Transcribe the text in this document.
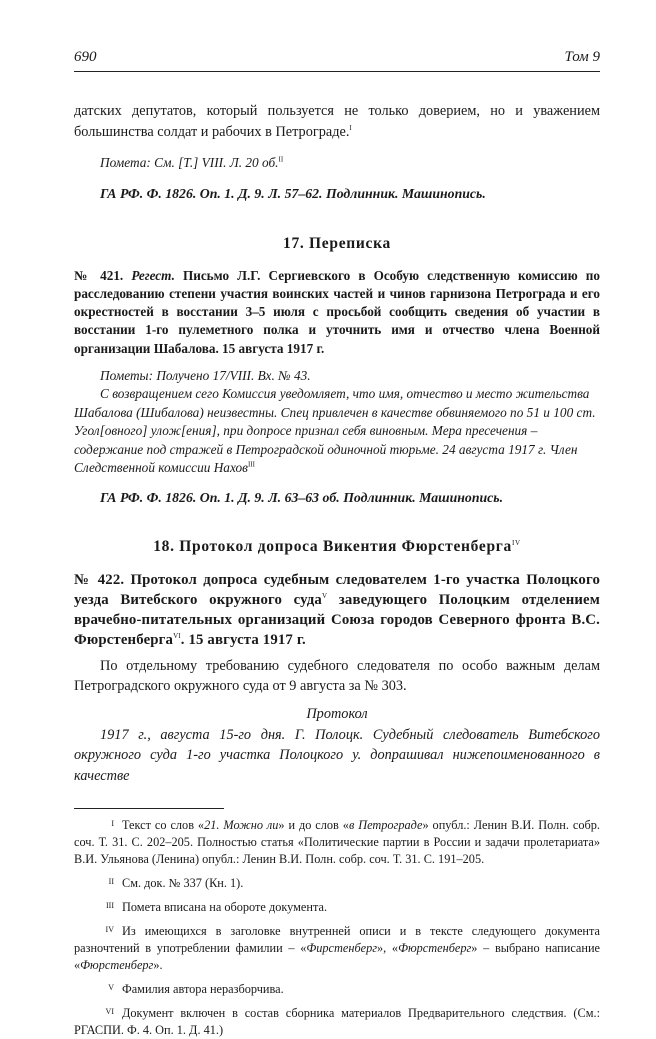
690	Том 9

датских депутатов, который пользуется не только доверием, но и уважением большинства солдат и рабочих в Петрограде.$^I$

Помета: См. [Т.] VIII. Л. 20 об.$^{II}$

ГА РФ. Ф. 1826. Оп. 1. Д. 9. Л. 57–62. Подлинник. Машинопись.

17. Переписка

№ 421. Регест. Письмо Л.Г. Сергиевского в Особую следственную комиссию по расследованию степени участия воинских частей и чинов гарнизона Петрограда и его окрестностей в восстании 3–5 июля с просьбой сообщить сведения об участии в восстании 1-го пулеметного полка и уточнить имя и отчество члена Военной организации Шабалова. 15 августа 1917 г.

Пометы: Получено 17/VIII. Вх. № 43.

С возвращением сего Комиссия уведомляет, что имя, отчество и место жительства Шабалова (Шибалова) неизвестны. Спец привлечен в качестве обвиняемого по 51 и 100 ст. Угол[овного] улож[ения], при допросе признал себя виновным. Мера пресечения – содержание под стражей в Петроградской одиночной тюрьме. 24 августа 1917 г. Член Следственной комиссии Нахов$^{III}$

ГА РФ. Ф. 1826. Оп. 1. Д. 9. Л. 63–63 об. Подлинник. Машинопись.

18. Протокол допроса Викентия Фюрстенберга$^{IV}$

№ 422. Протокол допроса судебным следователем 1-го участка Полоцкого уезда Витебского окружного суда$^V$ заведующего Полоцким отделением врачебно-питательных организаций Союза городов Северного фронта В.С. Фюрстенберга$^{VI}$. 15 августа 1917 г.

По отдельному требованию судебного следователя по особо важным делам Петроградского окружного суда от 9 августа за № 303.

Протокол

1917 г., августа 15-го дня. Г. Полоцк. Судебный следователь Витебского окружного суда 1-го участка Полоцкого у. допрашивал нижепоименованного в качестве

I Текст со слов «21. Можно ли» и до слов «в Петрограде» опубл.: Ленин В.И. Полн. собр. соч. Т. 31. С. 202–205. Полностью статья «Политические партии в России и задачи пролетариата» В.И. Ульянова (Ленина) опубл.: Ленин В.И. Полн. собр. соч. Т. 31. С. 191–205.

II См. док. № 337 (Кн. 1).

III Помета вписана на обороте документа.

IV Из имеющихся в заголовке внутренней описи и в тексте следующего документа разночтений в употреблении фамилии – «Фирстенберг», «Фюрстенберг» – выбрано написание «Фюрстенберг».

V Фамилия автора неразборчива.

VI Документ включен в состав сборника материалов Предварительного следствия. (См.: РГАСПИ. Ф. 4. Оп. 1. Д. 41.)
